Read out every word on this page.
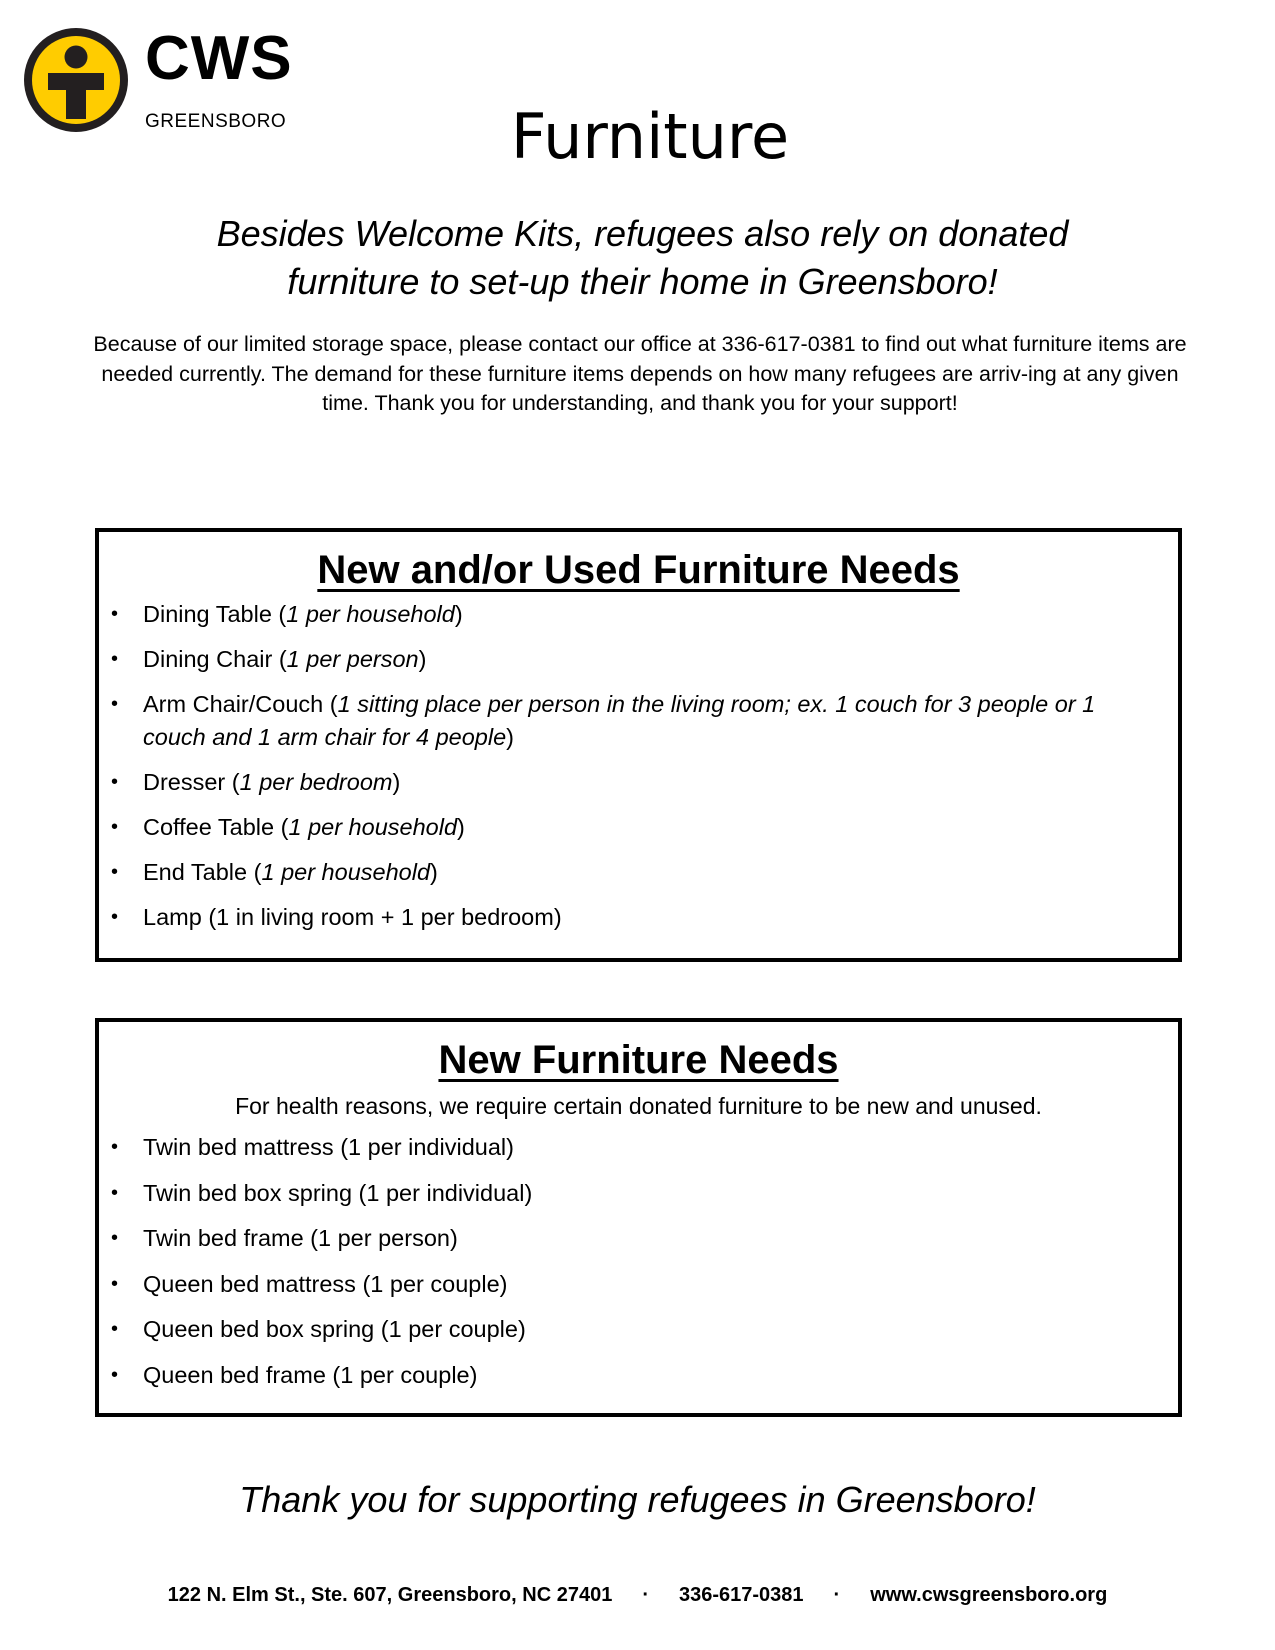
CWS
GREENSBORO	Furniture
Besides Welcome Kits, refugees also rely on donated
furniture to set-up their home in Greensboro!
Because of our limited storage space, please contact our office at 336-617-0381 to find out what furniture items are needed currently. The demand for these furniture items depends on how many refugees are arriv-ing at any given time. Thank you for understanding, and thank you for your support!
New and/or Used Furniture Needs
• Dining Table (1 per household)
• Dining Chair (1 per person)
• Arm Chair/Couch (1 sitting place per person in the living room; ex. 1 couch for 3 people or 1 couch and 1 arm chair for 4 people)
• Dresser (1 per bedroom)
• Coffee Table (1 per household)
• End Table (1 per household)
• Lamp (1 in living room + 1 per bedroom)
New Furniture Needs
For health reasons, we require certain donated furniture to be new and unused.
• Twin bed mattress (1 per individual)
• Twin bed box spring (1 per individual)
• Twin bed frame (1 per person)
• Queen bed mattress (1 per couple)
• Queen bed box spring (1 per couple)
• Queen bed frame (1 per couple)
Thank you for supporting refugees in Greensboro!
122 N. Elm St., Ste. 607, Greensboro, NC 27401 · 336-617-0381 · www.cwsgreensboro.org
